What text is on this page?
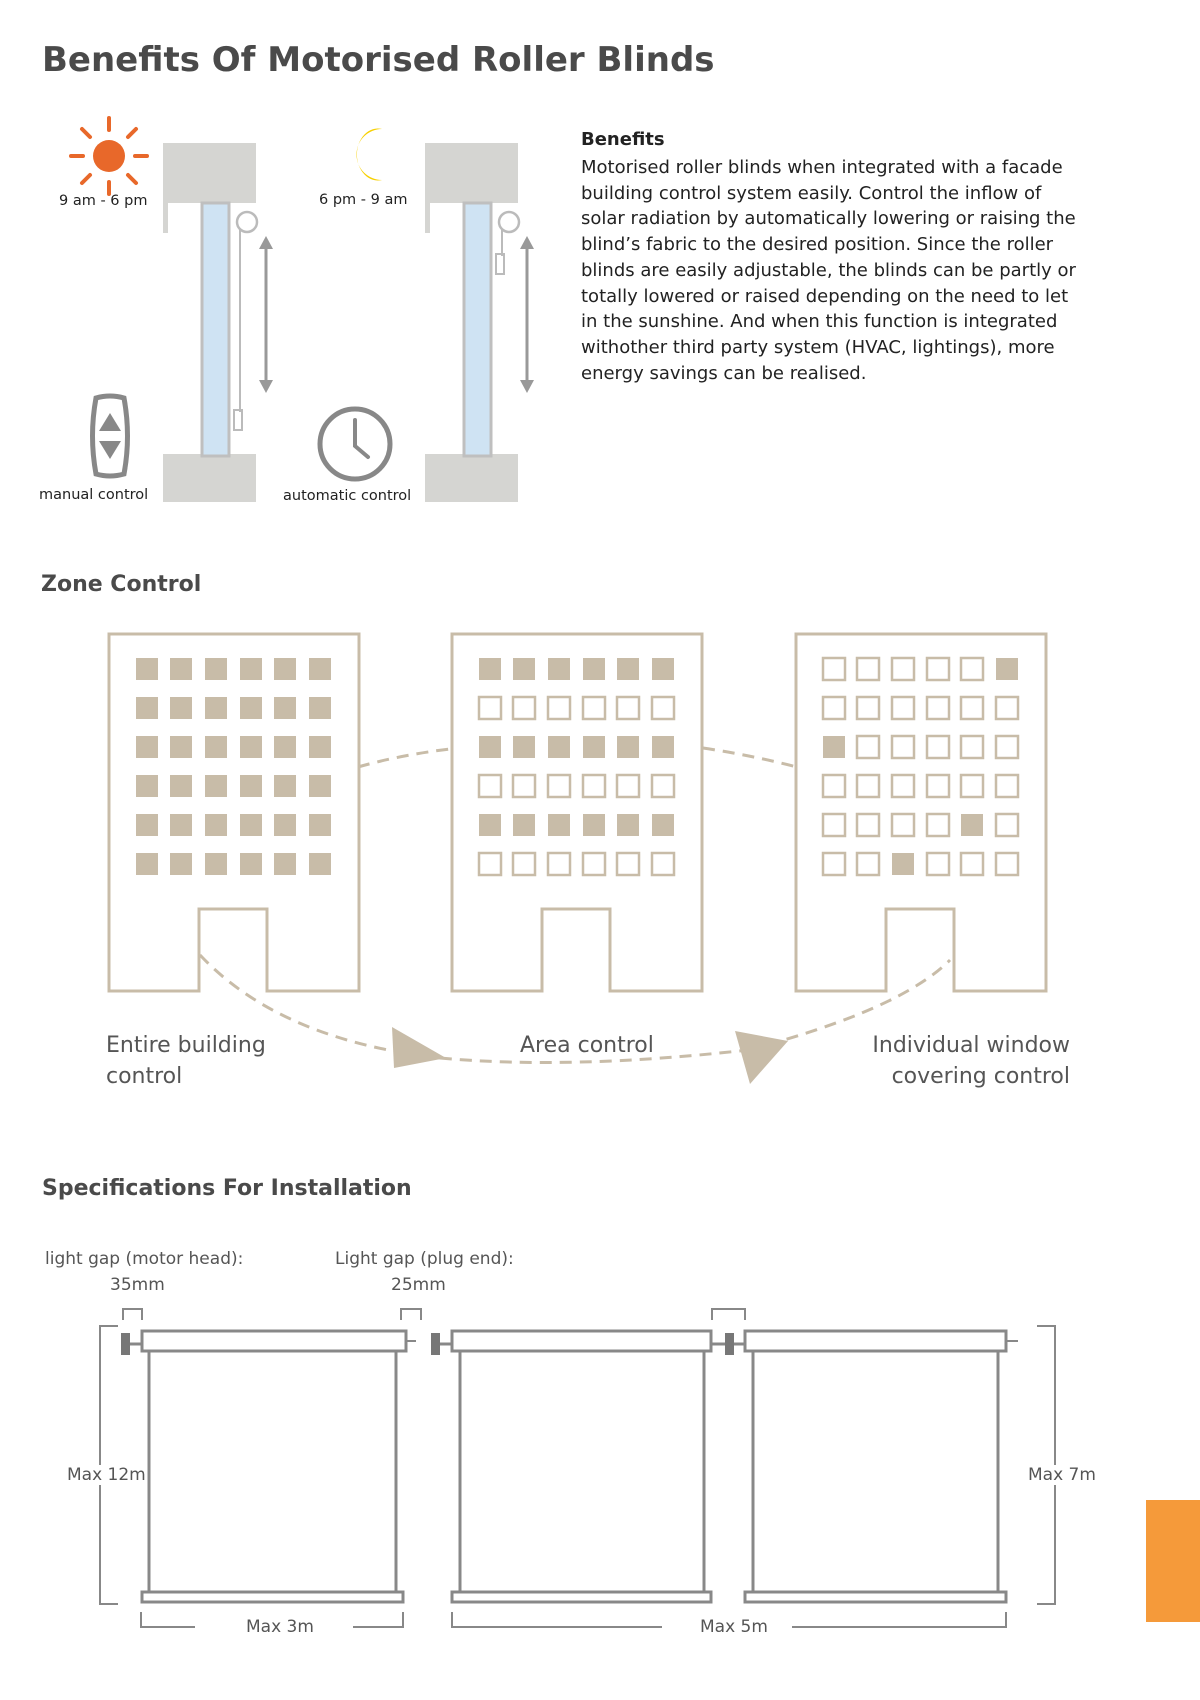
Benefits Of Motorised Roller Blinds
9 am - 6 pm	6 pm - 9 am
manual control	automatic control
Benefits
Motorised roller blinds when integrated with a facade building control system easily. Control the inflow of solar radiation by automatically lowering or raising the blind’s fabric to the desired position. Since the roller blinds are easily adjustable, the blinds can be partly or totally lowered or raised depending on the need to let in the sunshine. And when this function is integrated withother third party system (HVAC, lightings), more energy savings can be realised.
Zone Control
Entire building
control
Area control	Individual window
covering control
Specifications For Installation
light gap (motor head):
35mm
Light gap (plug end):
25mm
Max 12m	Max 7m
Max 3m	Max 5m
